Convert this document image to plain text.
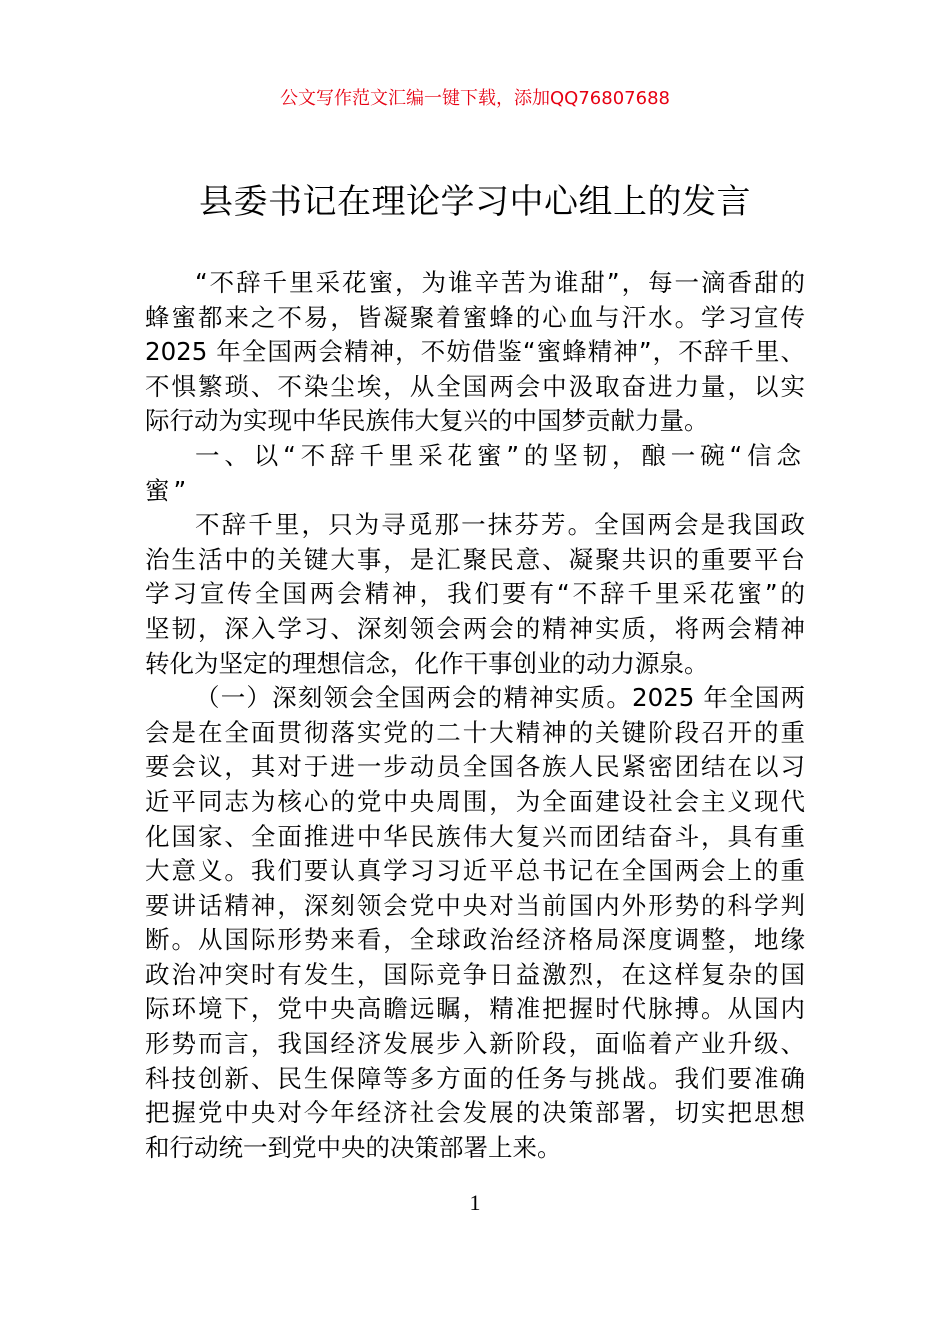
公文写作范文汇编一键下载，添加QQ76807688
县委书记在理论学习中心组上的发言
“不辞千里采花蜜，为谁辛苦为谁甜”，每一滴香甜的
蜂蜜都来之不易，皆凝聚着蜜蜂的心血与汗水。学习宣传
2025 年全国两会精神，不妨借鉴“蜜蜂精神”，不辞千里、
不惧繁琐、不染尘埃，从全国两会中汲取奋进力量，以实
际行动为实现中华民族伟大复兴的中国梦贡献力量。
一、以“不辞千里采花蜜”的坚韧，酿一碗“信念
蜜”
不辞千里，只为寻觅那一抹芬芳。全国两会是我国政
治生活中的关键大事，是汇聚民意、凝聚共识的重要平台
学习宣传全国两会精神，我们要有“不辞千里采花蜜”的
坚韧，深入学习、深刻领会两会的精神实质，将两会精神
转化为坚定的理想信念，化作干事创业的动力源泉。
（一）深刻领会全国两会的精神实质。2025 年全国两
会是在全面贯彻落实党的二十大精神的关键阶段召开的重
要会议，其对于进一步动员全国各族人民紧密团结在以习
近平同志为核心的党中央周围，为全面建设社会主义现代
化国家、全面推进中华民族伟大复兴而团结奋斗，具有重
大意义。我们要认真学习习近平总书记在全国两会上的重
要讲话精神，深刻领会党中央对当前国内外形势的科学判
断。从国际形势来看，全球政治经济格局深度调整，地缘
政治冲突时有发生，国际竞争日益激烈，在这样复杂的国
际环境下，党中央高瞻远瞩，精准把握时代脉搏。从国内
形势而言，我国经济发展步入新阶段，面临着产业升级、
科技创新、民生保障等多方面的任务与挑战。我们要准确
把握党中央对今年经济社会发展的决策部署，切实把思想
和行动统一到党中央的决策部署上来。
1
